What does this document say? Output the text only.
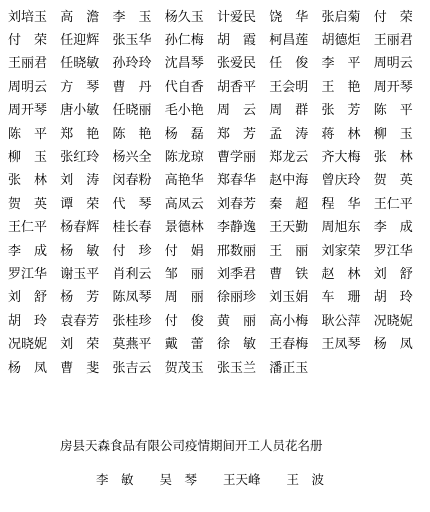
刘培玉	高　澹	李　玉	杨久玉	计爱民	饶　华	张启菊	付　荣
付　荣	任迎辉	张玉华	孙仁梅	胡　霞	柯昌莲	胡德炬	王丽君
王丽君	任晓敏	孙玲玲	沈昌琴	张爱民	任　俊	李　平	周明云
周明云	方　琴	曹　丹	代自香	胡香平	王会明	王　艳	周开琴
周开琴	唐小敏	任晓丽	毛小艳	周　云	周　群	张　芳	陈　平
陈　平	郑　艳	陈　艳	杨　磊	郑　芳	孟　涛	蒋　林	柳　玉
柳　玉	张红玲	杨兴全	陈龙琼	曹学丽	郑龙云	齐大梅	张　林
张　林	刘　涛	闵春粉	高艳华	郑春华	赵中海	曾庆玲	贺　英
贺　英	谭　荣	代　琴	高凤云	刘春芳	秦　超	程　华	王仁平
王仁平	杨春辉	桂长春	景德林	李静逸	王天勤	周旭东	李　成
李　成	杨　敏	付　珍	付　娟	邢数丽	王　丽	刘家荣	罗江华
罗江华	谢玉平	肖利云	邹　丽	刘季君	曹　铁	赵　林	刘　舒
刘　舒	杨　芳	陈凤琴	周　丽	徐丽珍	刘玉娟	车　珊	胡　玲
胡　玲	袁春芳	张桂珍	付　俊	黄　丽	高小梅	耿公萍	况晓妮
况晓妮	刘　荣	莫燕平	戴　蕾	徐　敏	王春梅	王凤琴	杨　凤
杨　凤	曹　斐	张吉云	贺茂玉	张玉兰	潘正玉
房县天森食品有限公司疫情期间开工人员花名册
李　敏 吴　琴 王天峰 王　波
